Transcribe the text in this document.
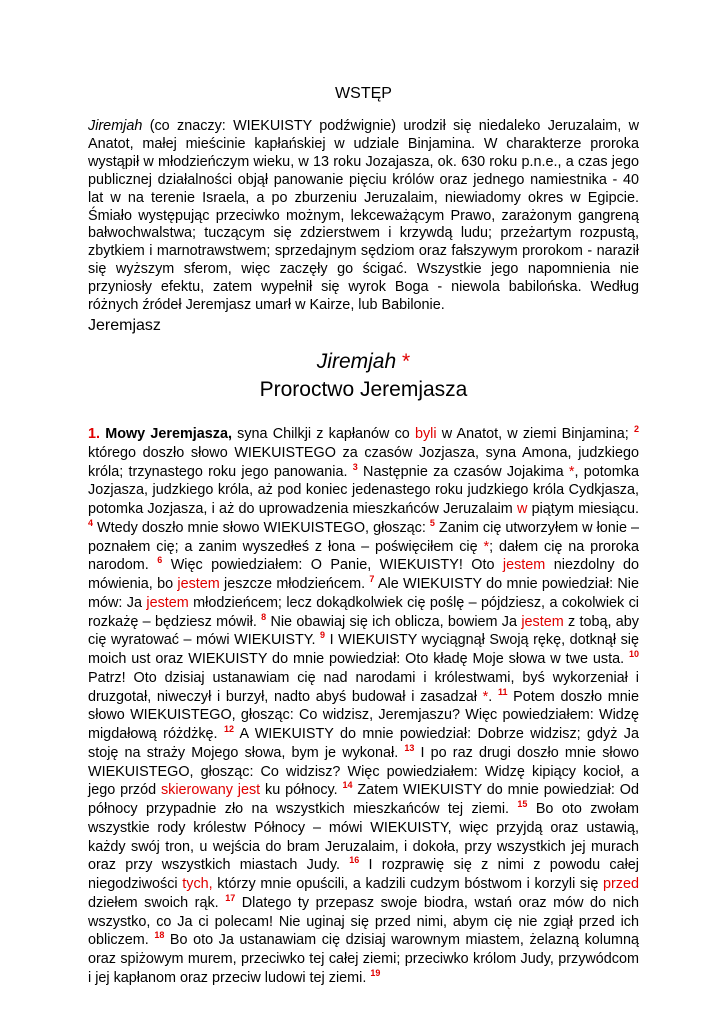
WSTĘP
Jiremjah (co znaczy: WIEKUISTY podźwignie) urodził się niedaleko Jeruzalaim, w Anatot, małej mieścinie kapłańskiej w udziale Binjamina. W charakterze proroka wystąpił w młodzieńczym wieku, w 13 roku Jozajasza, ok. 630 roku p.n.e., a czas jego publicznej działalności objął panowanie pięciu królów oraz jednego namiestnika - 40 lat w na terenie Israela, a po zburzeniu Jeruzalaim, niewiadomy okres w Egipcie. Śmiało występując przeciwko możnym, lekceważącym Prawo, zarażonym gangreną bałwochwalstwa; tuczącym się zdzierstwem i krzywdą ludu; przeżartym rozpustą, zbytkiem i marnotrawstwem; sprzedajnym sędziom oraz fałszywym prorokom - naraził się wyższym sferom, więc zaczęły go ścigać. Wszystkie jego napomnienia nie przyniosły efektu, zatem wypełnił się wyrok Boga - niewola babilońska. Według różnych źródeł Jeremjasz umarł w Kairze, lub Babilonie.
Jeremjasz
Jiremjah *
Proroctwo Jeremjasza
1. Mowy Jeremjasza, syna Chilkji z kapłanów co byli w Anatot, w ziemi Binjamina; $^2$ którego doszło słowo WIEKUISTEGO za czasów Jozjasza, syna Amona, judzkiego króla; trzynastego roku jego panowania. $^3$ Następnie za czasów Jojakima *, potomka Jozjasza, judzkiego króla, aż pod koniec jedenastego roku judzkiego króla Cydkjasza, potomka Jozjasza, i aż do uprowadzenia mieszkańców Jeruzalaim w piątym miesiącu. $^4$ Wtedy doszło mnie słowo WIEKUISTEGO, głosząc: $^5$ Zanim cię utworzyłem w łonie – poznałem cię; a zanim wyszedłeś z łona – poświęciłem cię *; dałem cię na proroka narodom. $^6$ Więc powiedziałem: O Panie, WIEKUISTY! Oto jestem niezdolny do mówienia, bo jestem jeszcze młodzieńcem. $^7$ Ale WIEKUISTY do mnie powiedział: Nie mów: Ja jestem młodzieńcem; lecz dokądkolwiek cię poślę – pójdziesz, a cokolwiek ci rozkażę – będziesz mówił. $^8$ Nie obawiaj się ich oblicza, bowiem Ja jestem z tobą, aby cię wyratować – mówi WIEKUISTY. $^9$ I WIEKUISTY wyciągnął Swoją rękę, dotknął się moich ust oraz WIEKUISTY do mnie powiedział: Oto kładę Moje słowa w twe usta. $^{10}$ Patrz! Oto dzisiaj ustanawiam cię nad narodami i królestwami, byś wykorzeniał i druzgotał, niweczył i burzył, nadto abyś budował i zasadzał *. $^{11}$ Potem doszło mnie słowo WIEKUISTEGO, głosząc: Co widzisz, Jeremjaszu? Więc powiedziałem: Widzę migdałową różdżkę. $^{12}$ A WIEKUISTY do mnie powiedział: Dobrze widzisz; gdyż Ja stoję na straży Mojego słowa, bym je wykonał. $^{13}$ I po raz drugi doszło mnie słowo WIEKUISTEGO, głosząc: Co widzisz? Więc powiedziałem: Widzę kipiący kocioł, a jego przód skierowany jest ku północy. $^{14}$ Zatem WIEKUISTY do mnie powiedział: Od północy przypadnie zło na wszystkich mieszkańców tej ziemi. $^{15}$ Bo oto zwołam wszystkie rody królestw Północy – mówi WIEKUISTY, więc przyjdą oraz ustawią, każdy swój tron, u wejścia do bram Jeruzalaim, i dokoła, przy wszystkich jej murach oraz przy wszystkich miastach Judy. $^{16}$ I rozprawię się z nimi z powodu całej niegodziwości tych, którzy mnie opuścili, a kadzili cudzym bóstwom i korzyli się przed dziełem swoich rąk. $^{17}$ Dlatego ty przepasz swoje biodra, wstań oraz mów do nich wszystko, co Ja ci polecam! Nie uginaj się przed nimi, abym cię nie zgiął przed ich obliczem. $^{18}$ Bo oto Ja ustanawiam cię dzisiaj warownym miastem, żelazną kolumną oraz spiżowym murem, przeciwko tej całej ziemi; przeciwko królom Judy, przywódcom i jej kapłanom oraz przeciw ludowi tej ziemi. $^{19}$
